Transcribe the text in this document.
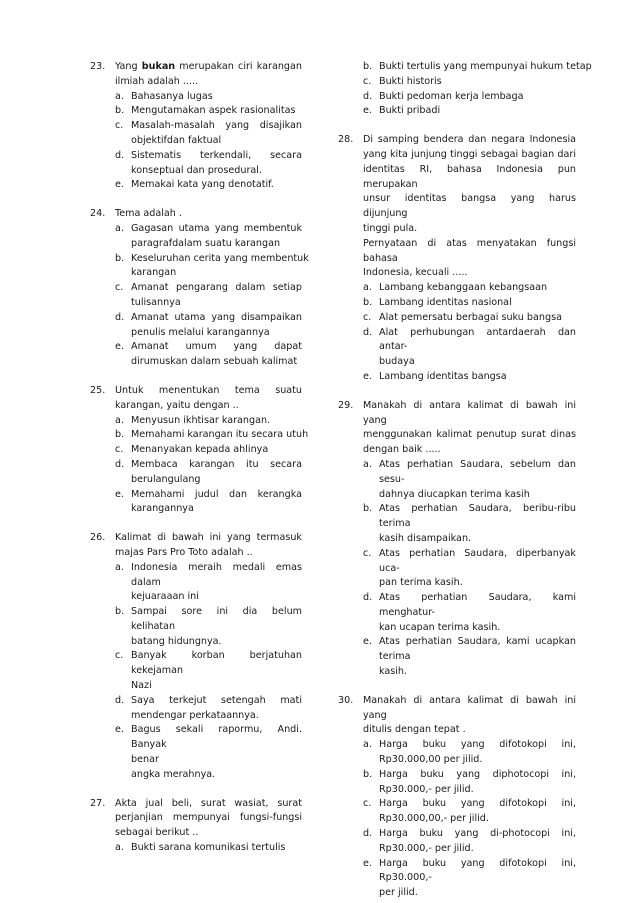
23. Yang bukan merupakan ciri karangan
ilmiah adalah .....
a. Bahasanya lugas
b. Mengutamakan aspek rasionalitas
c. Masalah-masalah yang disajikan
objektifdan faktual
d. Sistematis terkendali, secara
konseptual dan prosedural.
e. Memakai kata yang denotatif.
24. Tema adalah .
a. Gagasan utama yang membentuk
paragrafdalam suatu karangan
b. Keseluruhan cerita yang membentuk
karangan
c. Amanat pengarang dalam setiap
tulisannya
d. Amanat utama yang disampaikan
penulis melalui karangannya
e. Amanat umum yang dapat
dirumuskan dalam sebuah kalimat
25. Untuk menentukan tema suatu
karangan, yaitu dengan ..
a. Menyusun ikhtisar karangan.
b. Memahami karangan itu secara utuh
c. Menanyakan kepada ahlinya
d. Membaca karangan itu secara
berulangulang
e. Memahami judul dan kerangka
karangannya
26. Kalimat di bawah ini yang termasuk
majas Pars Pro Toto adalah ..
a. Indonesia meraih medali emas dalam
kejuaraaan ini
b. Sampai sore ini dia belum kelihatan
batang hidungnya.
c. Banyak korban berjatuhan kekejaman
Nazi
d. Saya terkejut setengah mati
mendengar perkataannya.
e. Bagus sekali rapormu, Andi. Banyak
benar
angka merahnya.
27. Akta jual beli, surat wasiat, surat
perjanjian mempunyai fungsi-fungsi
sebagai berikut ..
a. Bukti sarana komunikasi tertulis
b. Bukti tertulis yang mempunyai hukum tetap
c. Bukti historis
d. Bukti pedoman kerja lembaga
e. Bukti pribadi
28. Di samping bendera dan negara Indonesia
yang kita junjung tinggi sebagai bagian dari
identitas RI, bahasa Indonesia pun merupakan
unsur identitas bangsa yang harus dijunjung
tinggi pula.
Pernyataan di atas menyatakan fungsi bahasa
Indonesia, kecuali .....
a. Lambang kebanggaan kebangsaan
b. Lambang identitas nasional
c. Alat pemersatu berbagai suku bangsa
d. Alat perhubungan antardaerah dan antar-
budaya
e. Lambang identitas bangsa
29. Manakah di antara kalimat di bawah ini yang
menggunakan kalimat penutup surat dinas
dengan baik .....
a. Atas perhatian Saudara, sebelum dan sesu-
dahnya diucapkan terima kasih
b. Atas perhatian Saudara, beribu-ribu terima
kasih disampaikan.
c. Atas perhatian Saudara, diperbanyak uca-
pan terima kasih.
d. Atas perhatian Saudara, kami menghatur-
kan ucapan terima kasih.
e. Atas perhatian Saudara, kami ucapkan terima
kasih.
30. Manakah di antara kalimat di bawah ini yang
ditulis dengan tepat .
a. Harga buku yang difotokopi ini,
Rp30.000,00 per jilid.
b. Harga buku yang diphotocopi ini,
Rp30.000,- per jilid.
c. Harga buku yang difotokopi ini,
Rp30.000,00,- per jilid.
d. Harga buku yang di-photocopi ini,
Rp30.000,- per jilid.
e. Harga buku yang difotokopi ini, Rp30.000,-
per jilid.
